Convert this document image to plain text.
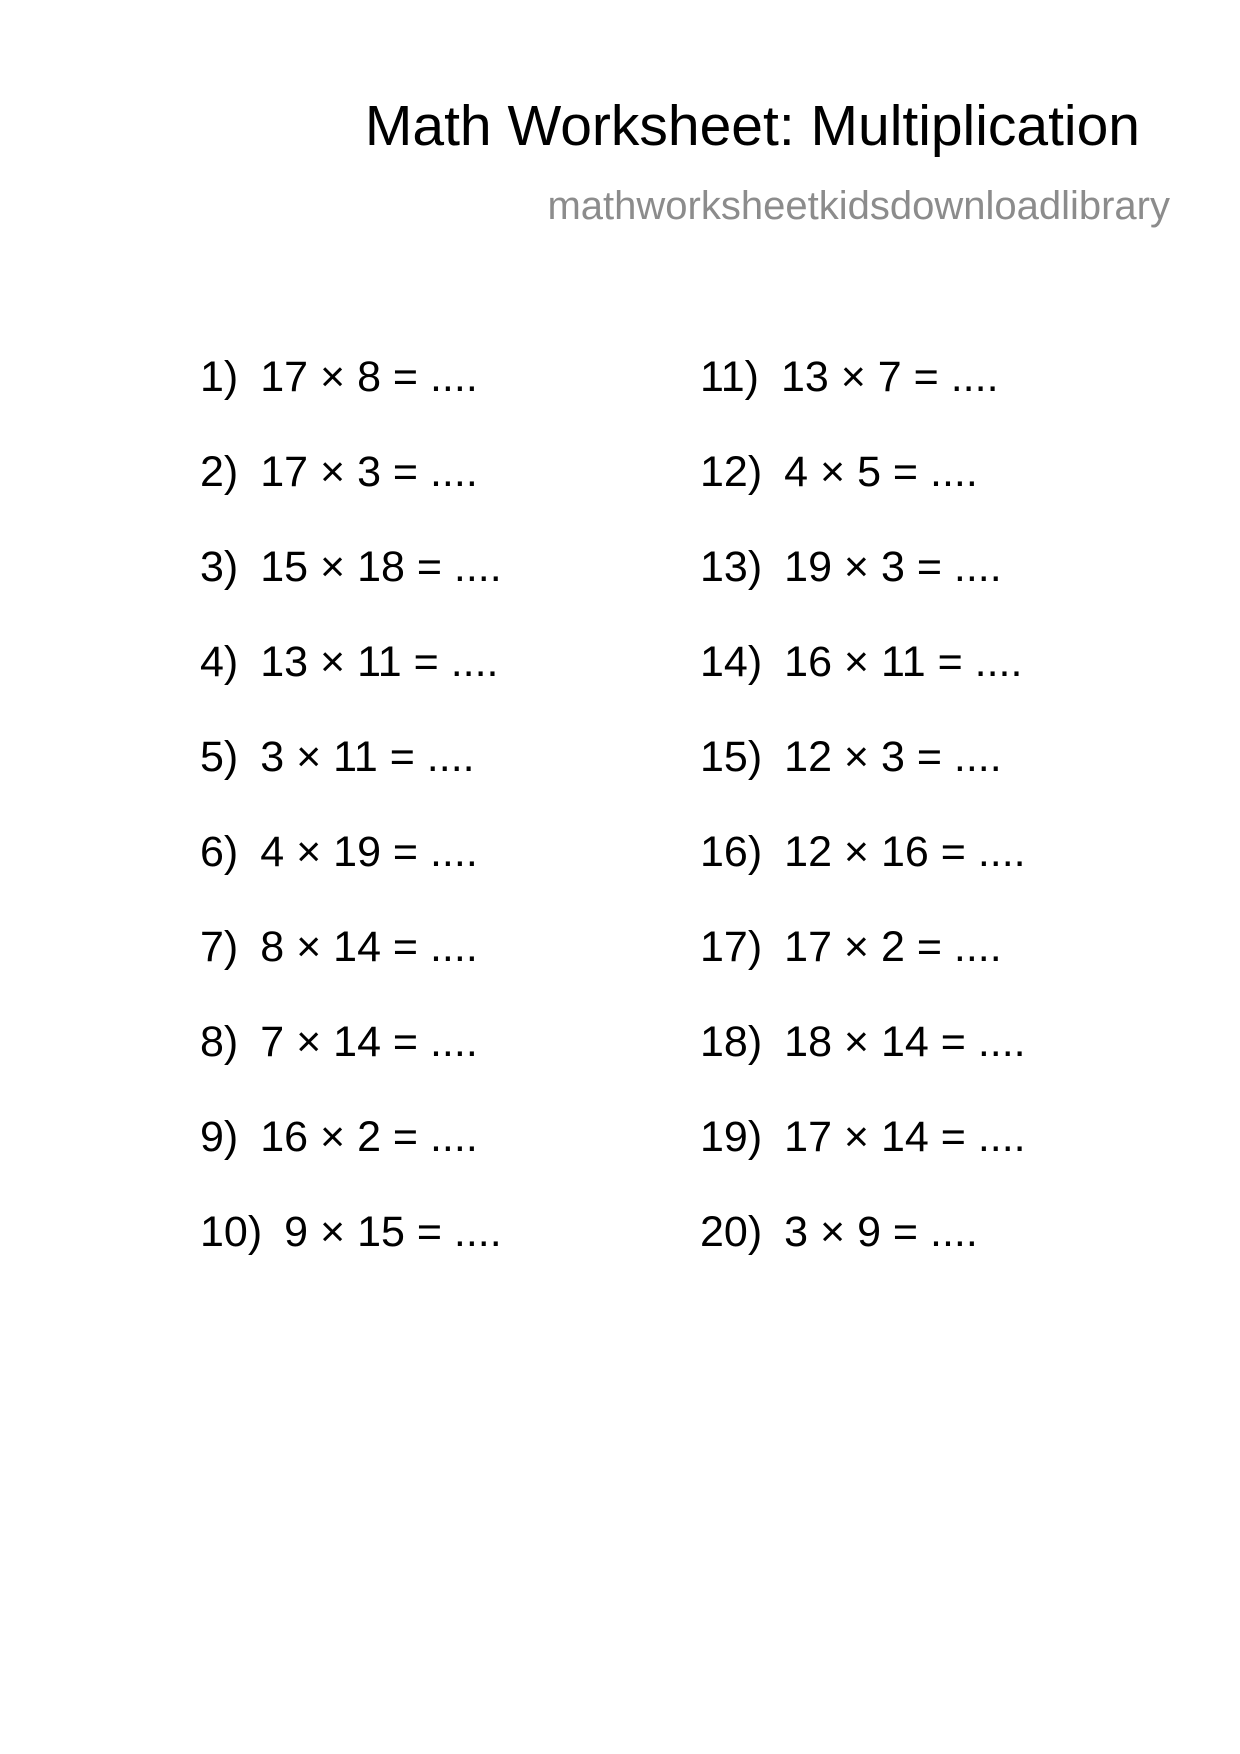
Math Worksheet: Multiplication
mathworksheetkidsdownloadlibrary
1) 17 × 8 = ....
2) 17 × 3 = ....
3) 15 × 18 = ....
4) 13 × 11 = ....
5) 3 × 11 = ....
6) 4 × 19 = ....
7) 8 × 14 = ....
8) 7 × 14 = ....
9) 16 × 2 = ....
10) 9 × 15 = ....
11) 13 × 7 = ....
12) 4 × 5 = ....
13) 19 × 3 = ....
14) 16 × 11 = ....
15) 12 × 3 = ....
16) 12 × 16 = ....
17) 17 × 2 = ....
18) 18 × 14 = ....
19) 17 × 14 = ....
20) 3 × 9 = ....
